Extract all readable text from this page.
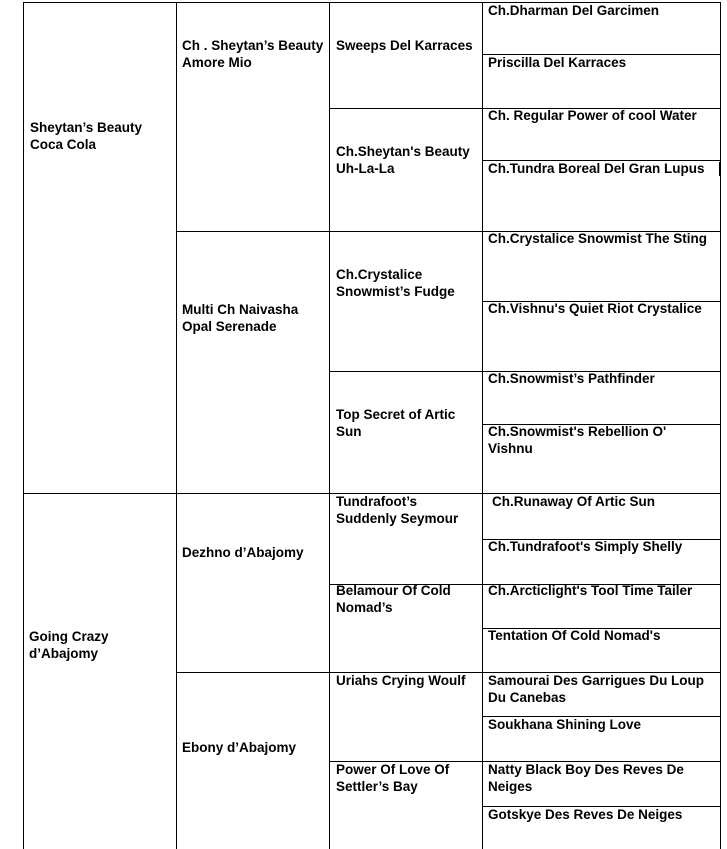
Sheytan’s Beauty Coca Cola

Going Crazy d’Abajomy

Ch . Sheytan’s Beauty Amore Mio

Multi Ch Naivasha Opal Serenade

Dezhno d’Abajomy

Ebony d’Abajomy

Sweeps Del Karraces

Ch.Sheytan's Beauty Uh-La-La

Ch.Crystalice Snowmist’s Fudge

Top Secret of Artic Sun

Tundrafoot’s Suddenly Seymour

Belamour Of Cold Nomad’s

Uriahs Crying Woulf

Power Of Love Of Settler’s Bay

Ch.Dharman Del Garcimen

Priscilla Del Karraces

Ch. Regular Power of cool Water

Ch.Tundra Boreal Del Gran Lupus

Ch.Crystalice Snowmist The Sting

Ch.Vishnu's Quiet Riot Crystalice

Ch.Snowmist’s Pathfinder

Ch.Snowmist's Rebellion O' Vishnu

Ch.Runaway Of Artic Sun

Ch.Tundrafoot's Simply Shelly

Ch.Arcticlight's Tool Time Tailer

Tentation Of Cold Nomad's

Samourai Des Garrigues Du Loup Du Canebas

Soukhana Shining Love

Natty Black Boy Des Reves De Neiges

Gotskye Des Reves De Neiges
